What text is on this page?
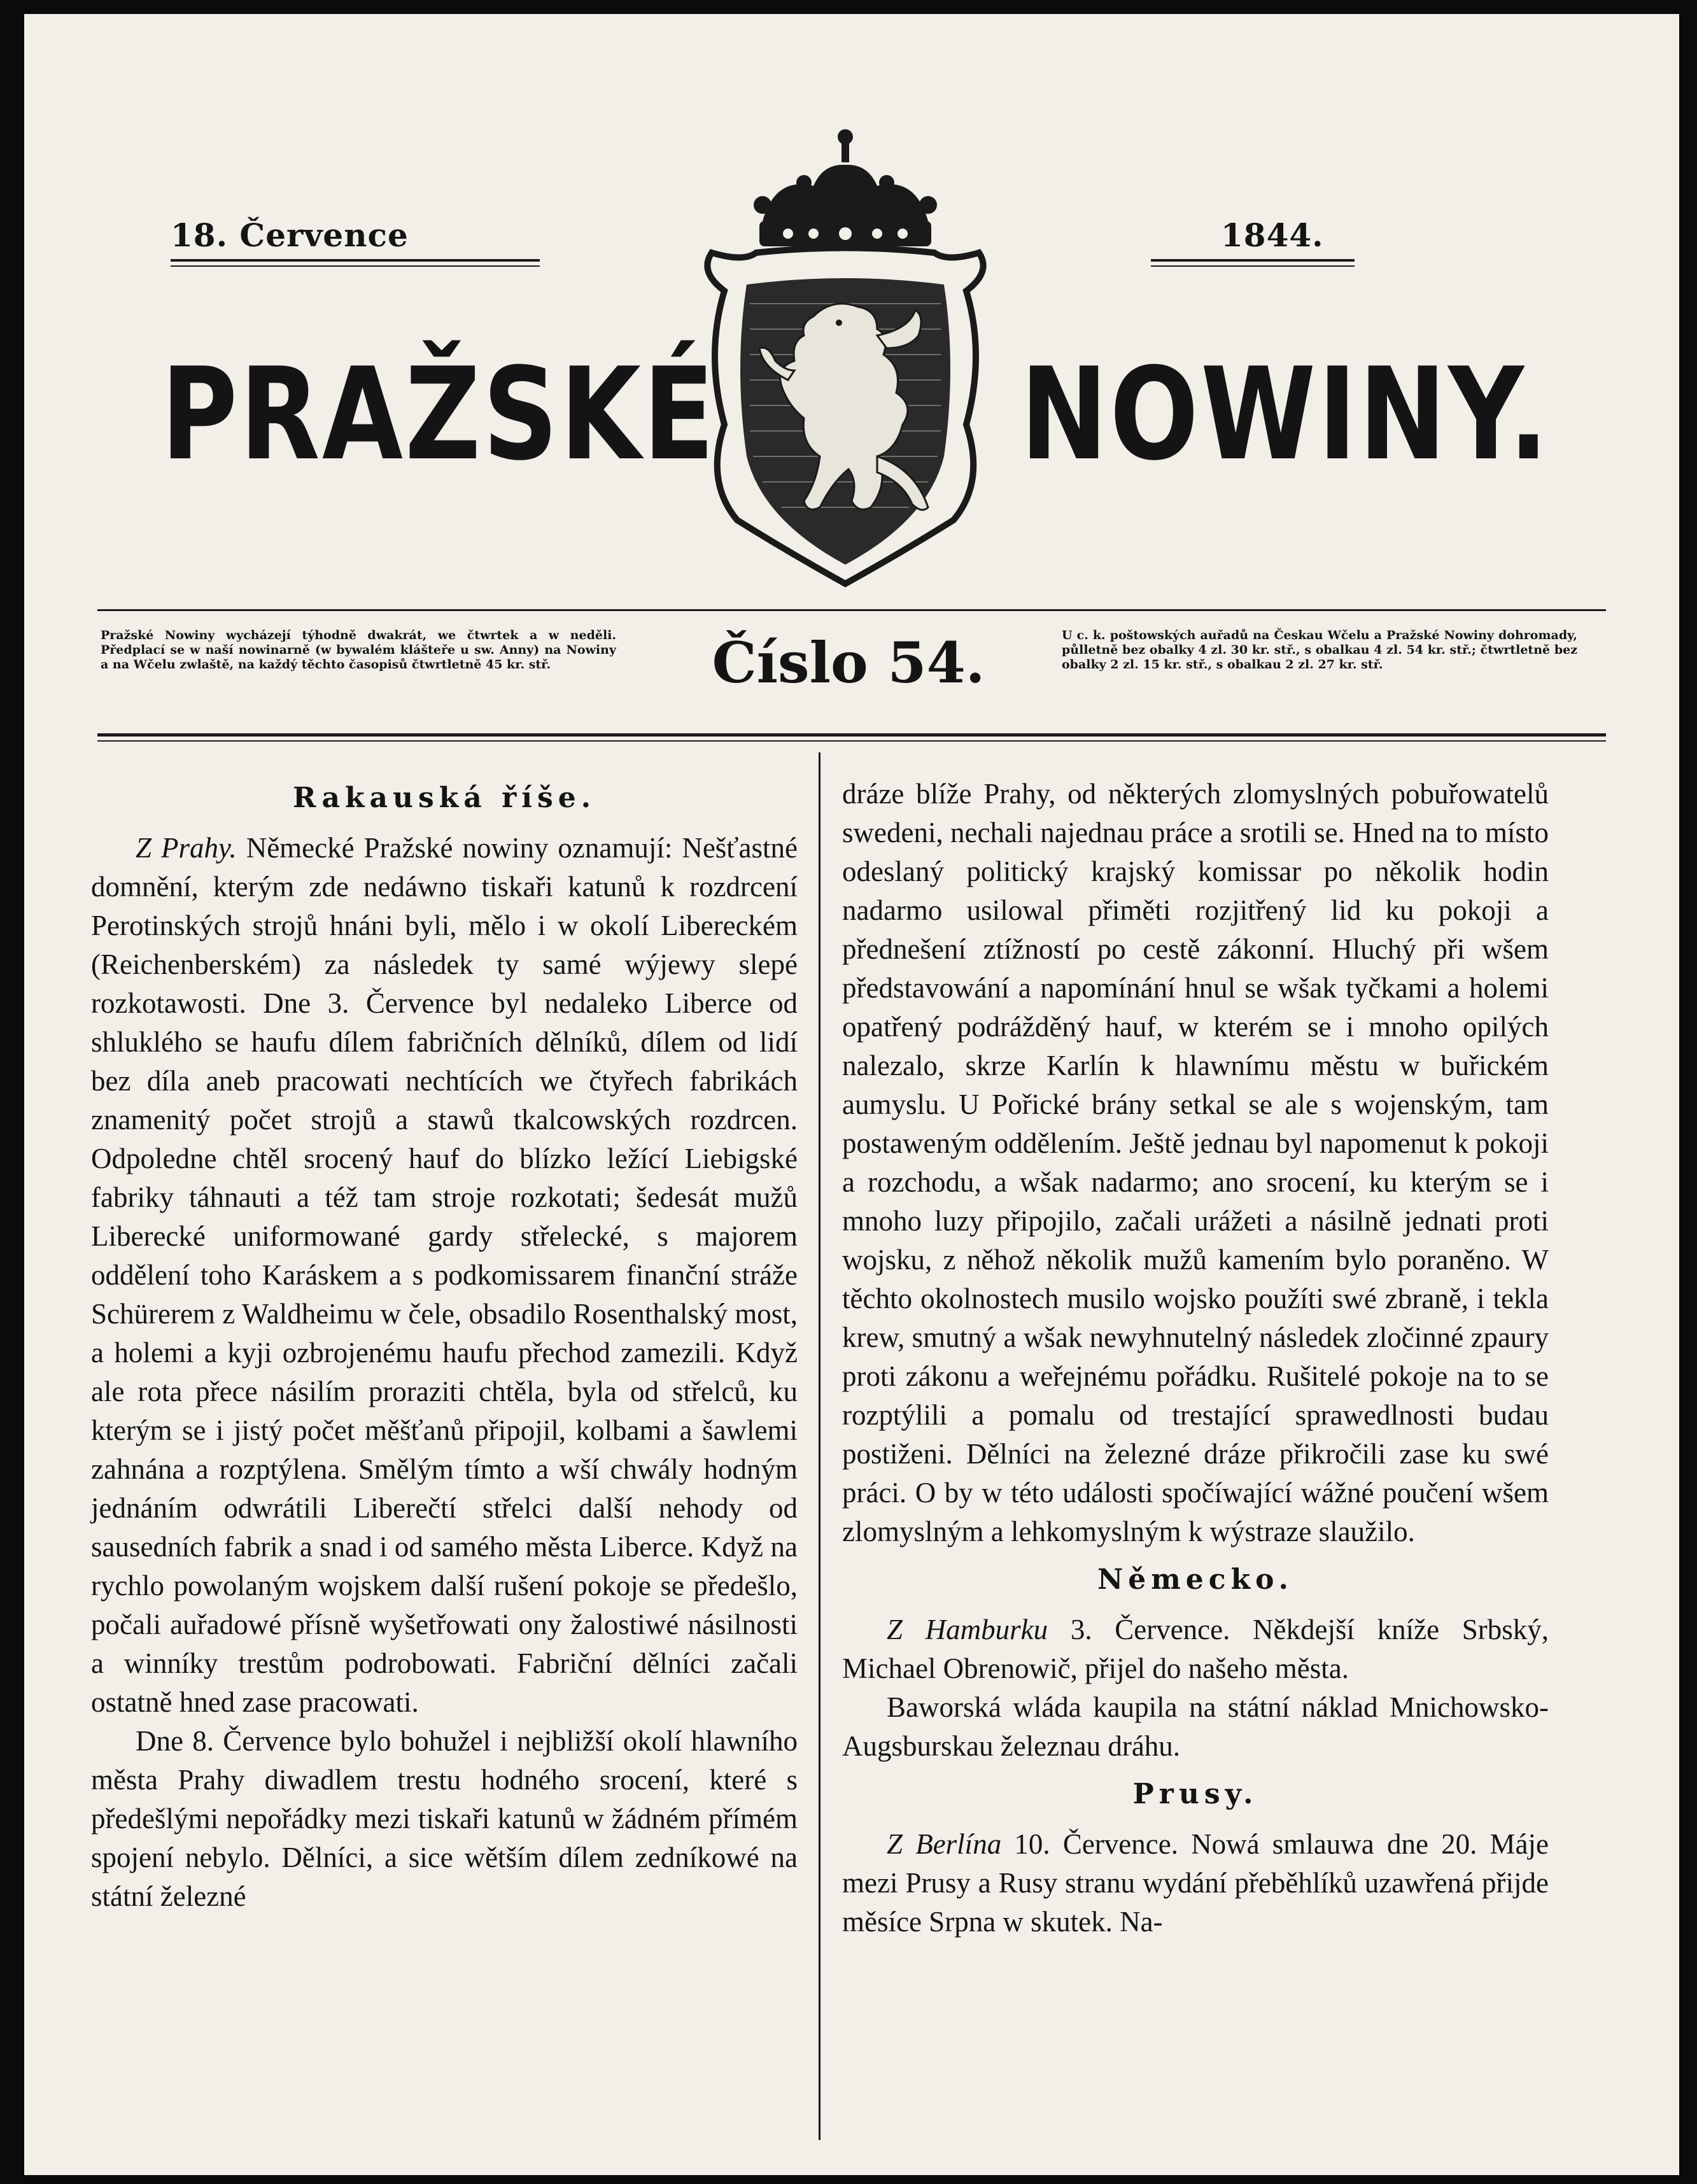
18. Července	1844.
PRAŽSKÉ NOWINY.
Pražské Nowiny wycházejí týhodně dwakrát, we čtwrtek a w neděli. Předplací se w naší nowinarně (w bywalém klášteře u sw. Anny) na Nowiny a na Wčelu zwlaště, na každý těchto časopisů čtwrtletně 45 kr. stř.	Číslo 54.	U c. k. poštowských auřadů na Českau Wčelu a Pražské Nowiny dohromady, půlletně bez obalky 4 zl. 30 kr. stř., s obalkau 4 zl. 54 kr. stř.; čtwrtletně bez obalky 2 zl. 15 kr. stř., s obalkau 2 zl. 27 kr. stř.
Rakauská říše.

Z Prahy. Německé Pražské nowiny oznamují: Nešťastné domnění, kterým zde nedáwno tiskaři katunů k rozdrcení Perotinských strojů hnáni byli, mělo i w okolí Libereckém (Reichenberském) za následek ty samé wýjewy slepé rozkotawosti. Dne 3. Července byl nedaleko Liberce od shluklého se haufu dílem fabričních dělníků, dílem od lidí bez díla aneb pracowati nechtících we čtyřech fabrikách znamenitý počet strojů a stawů tkalcowských rozdrcen. Odpoledne chtěl srocený hauf do blízko ležící Liebigské fabriky táhnauti a též tam stroje rozkotati; šedesát mužů Liberecké uniformowané gardy střelecké, s majorem oddělení toho Karáskem a s podkomissarem finanční stráže Schürerem z Waldheimu w čele, obsadilo Rosenthalský most, a holemi a kyji ozbrojenému haufu přechod zamezili. Když ale rota přece násilím proraziti chtěla, byla od střelců, ku kterým se i jistý počet měšťanů připojil, kolbami a šawlemi zahnána a rozptýlena. Smělým tímto a wší chwály hodným jednáním odwrátili Liberečtí střelci další nehody od sausedních fabrik a snad i od samého města Liberce. Když na rychlo powolaným wojskem další rušení pokoje se předešlo, počali auřadowé přísně wyšetřowati ony žalostiwé násilnosti a winníky trestům podrobowati. Fabriční dělníci začali ostatně hned zase pracowati.

Dne 8. Července bylo bohužel i nejbližší okolí hlawního města Prahy diwadlem trestu hodného srocení, které s předešlými nepořádky mezi tiskaři katunů w žádném přímém spojení nebylo. Dělníci, a sice wětším dílem zedníkowé na státní železné

dráze blíže Prahy, od některých zlomyslných pobuřowatelů swedeni, nechali najednau práce a srotili se. Hned na to místo odeslaný politický krajský komissar po několik hodin nadarmo usilowal přiměti rozjitřený lid ku pokoji a přednešení ztížností po cestě zákonní. Hluchý při wšem představowání a napomínání hnul se wšak tyčkami a holemi opatřený podrážděný hauf, w kterém se i mnoho opilých nalezalo, skrze Karlín k hlawnímu městu w buřickém aumyslu. U Pořické brány setkal se ale s wojenským, tam postaweným oddělením. Ještě jednau byl napomenut k pokoji a rozchodu, a wšak nadarmo; ano srocení, ku kterým se i mnoho luzy připojilo, začali urážeti a násilně jednati proti wojsku, z něhož několik mužů kamením bylo poraněno. W těchto okolnostech musilo wojsko použíti swé zbraně, i tekla krew, smutný a wšak newyhnutelný následek zločinné zpaury proti zákonu a weřejnému pořádku. Rušitelé pokoje na to se rozptýlili a pomalu od trestající sprawedlnosti budau postiženi. Dělníci na železné dráze přikročili zase ku swé práci. O by w této události spočíwající wážné poučení wšem zlomyslným a lehkomyslným k wýstraze slaužilo.

Německo.

Z Hamburku 3. Července. Někdejší kníže Srbský, Michael Obrenowič, přijel do našeho města.

Baworská wláda kaupila na státní náklad Mnichowsko-Augsburskau železnau dráhu.

Prusy.

Z Berlína 10. Července. Nowá smlauwa dne 20. Máje mezi Prusy a Rusy stranu wydání přeběhlíků uzawřená přijde měsíce Srpna w skutek. Na-
